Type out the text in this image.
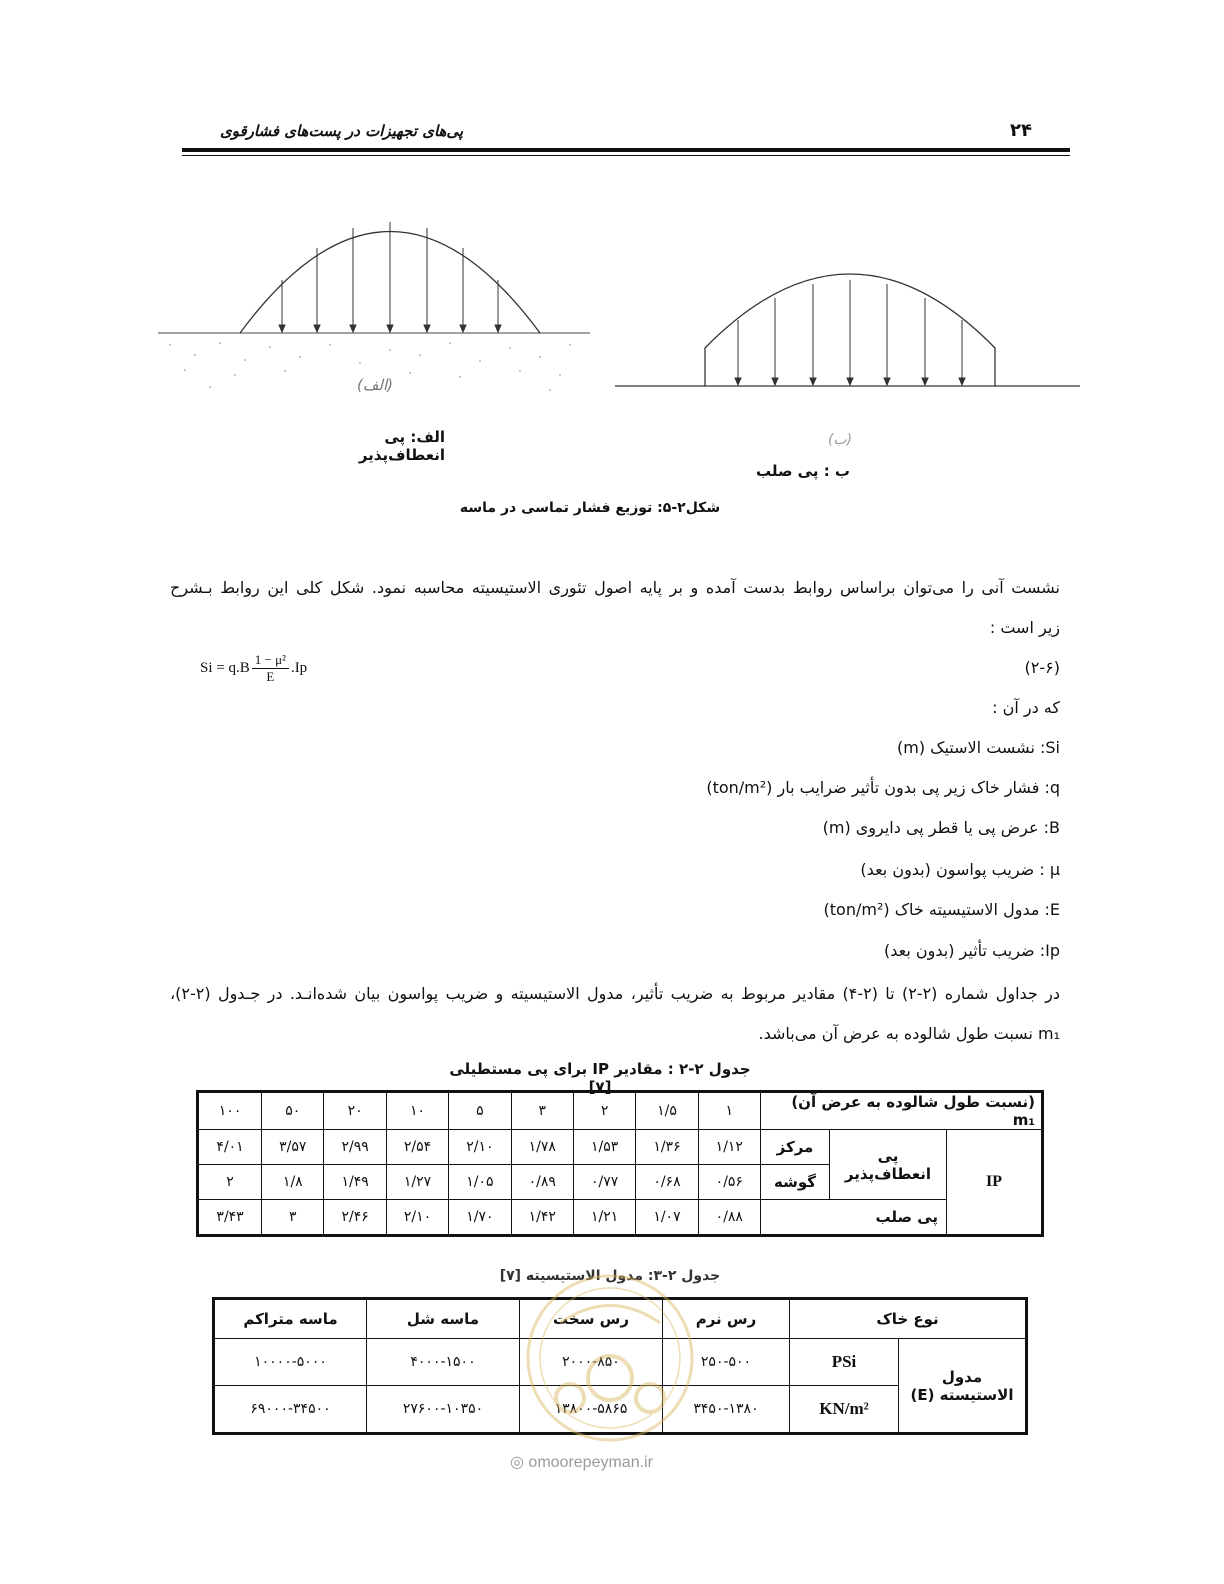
پی‌های تجهیزات در پست‌های فشارقوی	۲۴
(الف)
(ب)
الف: پی انعطاف‌پذیر
ب : پی صلب
شکل۲-۵: توزیع فشار تماسی در ماسه
نشست آنی را می‌توان براساس روابط بدست آمده و بر پایه اصول تئوری الاستیسیته محاسبه نمود. شکل کلی این روابط بـشرح
زیر است :
$Si = q.B \frac{\text{1 − μ²}}{E} .Ip$	(۲-۶)
که در آن :
Si: نشست الاستیک (m)
q: فشار خاک زیر پی بدون تأثیر ضرایب بار (ton/m²)
B: عرض پی یا قطر پی دایروی (m)
μ : ضریب پواسون (بدون بعد)
E: مدول الاستیسیته خاک (ton/m²)
Ip: ضریب تأثیر (بدون بعد)
در جداول شماره (۲-۲) تا (۲-۴) مقادیر مربوط به ضریب تأثیر، مدول الاستیسیته و ضریب پواسون بیان شده‌انـد. در جـدول (۲-۲)،
m₁ نسبت طول شالوده به عرض آن می‌باشد.
جدول ۲-۲ : مقادیر IP برای پی مستطیلی [۷]
(نسبت طول شالوده به عرض آن) m₁			۱	۱/۵	۲	۳	۵	۱۰	۲۰	۵۰	۱۰۰
IP	پی انعطاف‌پذیر	مرکز	۱/۱۲	۱/۳۶	۱/۵۳	۱/۷۸	۲/۱۰	۲/۵۴	۲/۹۹	۳/۵۷	۴/۰۱
		گوشه	۰/۵۶	۰/۶۸	۰/۷۷	۰/۸۹	۱/۰۵	۱/۲۷	۱/۴۹	۱/۸	۲
	پی صلب		۰/۸۸	۱/۰۷	۱/۲۱	۱/۴۲	۱/۷۰	۲/۱۰	۲/۴۶	۳	۳/۴۳
جدول ۲-۳: مدول الاستیسیته [۷]
نوع خاک		رس نرم	رس سخت	ماسه شل	ماسه متراکم
مدول الاستیسته (E)	PSi	۲۵۰-۵۰۰	۲۰۰۰-۸۵۰	۴۰۰۰-۱۵۰۰	۱۰۰۰۰-۵۰۰۰
	KN/m²	۳۴۵۰-۱۳۸۰	۱۳۸۰۰-۵۸۶۵	۲۷۶۰۰-۱۰۳۵۰	۶۹۰۰۰-۳۴۵۰۰
◎ omoorepeyman.ir
